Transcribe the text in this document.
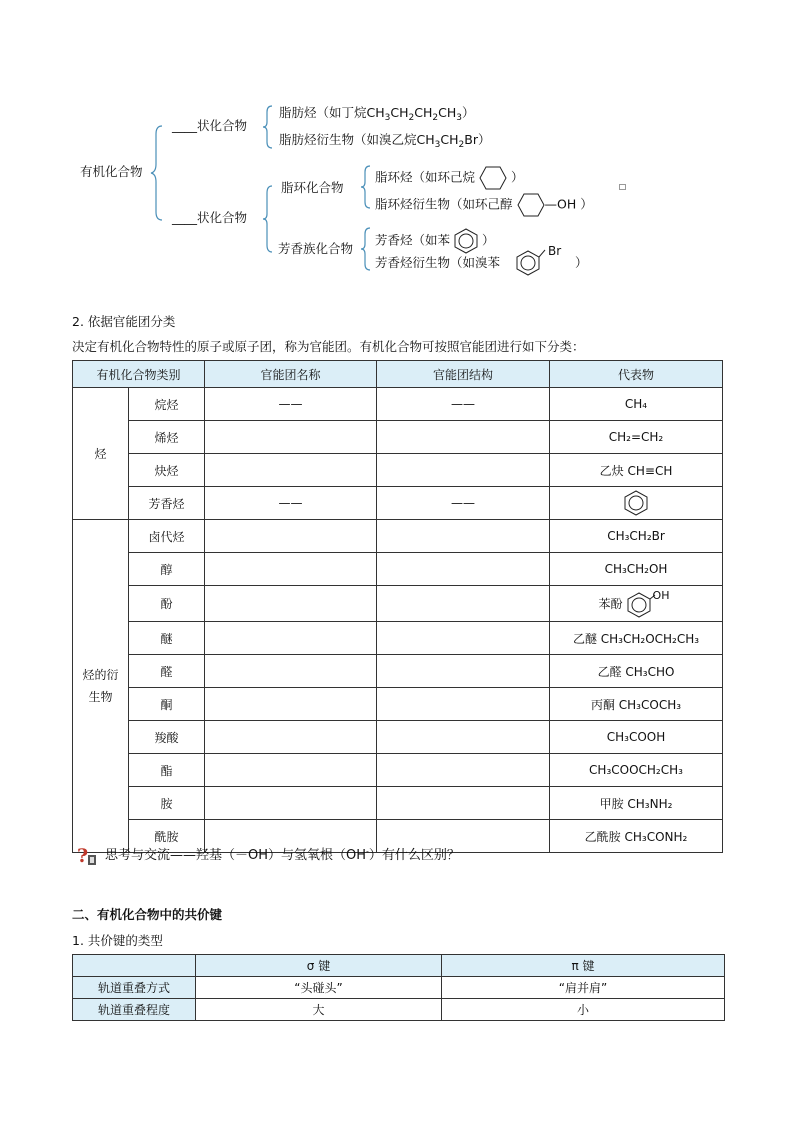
有机化合物
____状化合物
脂肪烃（如丁烷$CH_3CH_2CH_2CH_3$）
脂肪烃衍生物（如溴乙烷$CH_3CH_2Br$）
____状化合物
脂环化合物
脂环烃（如环己烷	）
脂环烃衍生物（如环己醇	—OH ）
芳香族化合物
芳香烃（如苯	）
芳香烃衍生物（如溴苯
Br
）
2. 依据官能团分类
决定有机化合物特性的原子或原子团，称为官能团。有机化合物可按照官能团进行如下分类：
有机化合物类别		官能团名称	官能团结构	代表物
烃	烷烃	——	——	CH₄
	烯烃			CH₂=CH₂
	炔烃			乙炔 CH≡CH
	芳香烃	——	——	
烃的衍生物	卤代烃			CH₃CH₂Br
	醇			CH₃CH₂OH
	酚			苯酚
OH

	醚			乙醚 CH₃CH₂OCH₂CH₃
	醛			乙醛 CH₃CHO
	酮			丙酮 CH₃COCH₃
	羧酸			CH₃COOH
	酯			CH₃COOCH₂CH₃
	胺			甲胺 CH₃NH₂
	酰胺			乙酰胺 CH₃CONH₂
? 思考与交流——羟基（－OH）与氢氧根（OH-）有什么区别？
二、有机化合物中的共价键
1. 共价键的类型
	σ 键	π 键
轨道重叠方式	“头碰头”	“肩并肩”
轨道重叠程度	大	小
